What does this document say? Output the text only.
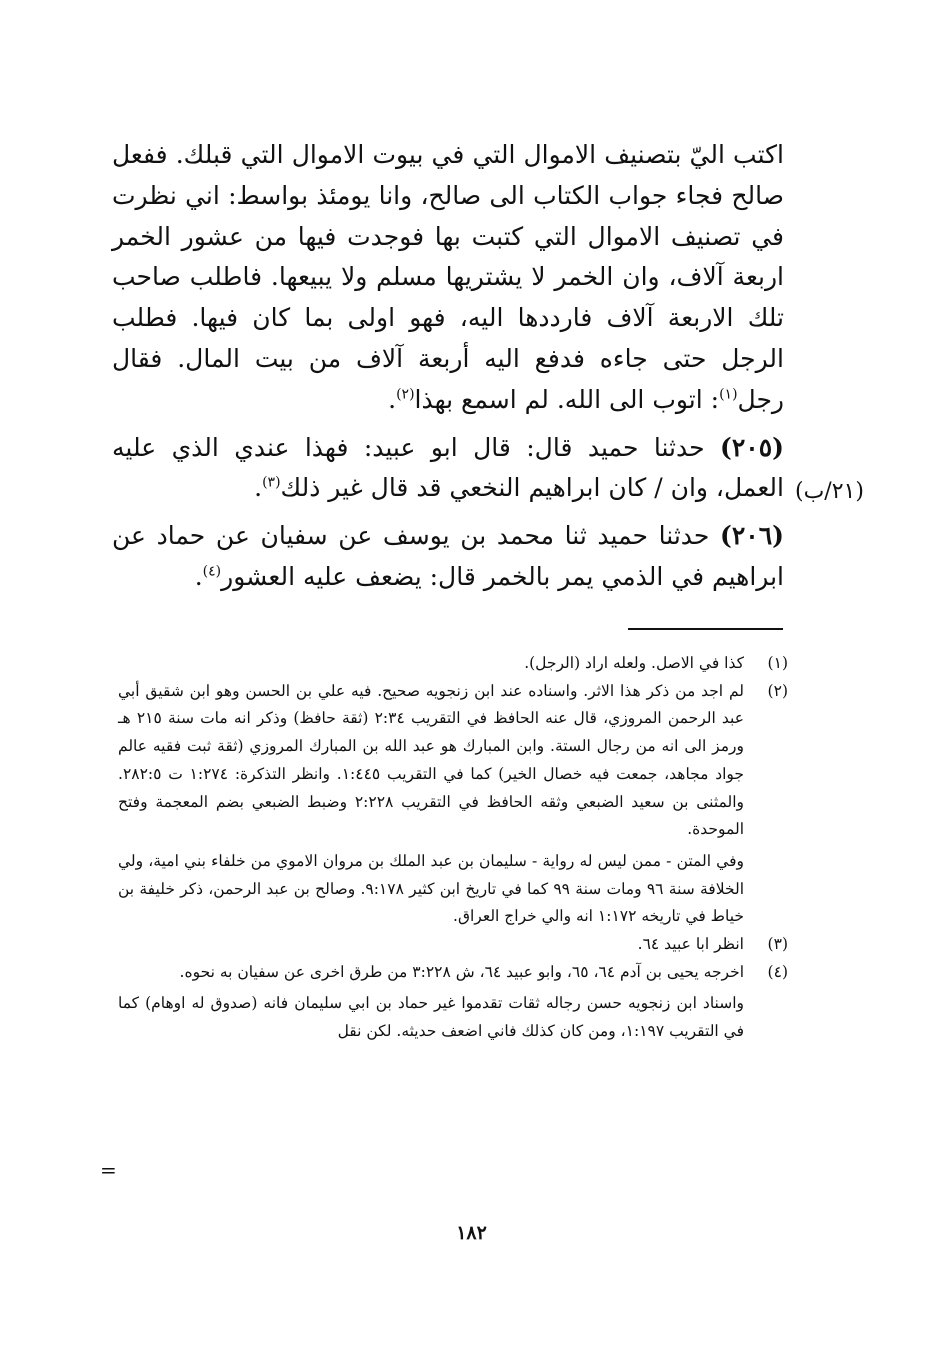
اكتب اليّ بتصنيف الاموال التي في بيوت الاموال التي قبلك. ففعل صالح فجاء جواب الكتاب الى صالح، وانا يومئذ بواسط: اني نظرت في تصنيف الاموال التي كتبت بها فوجدت فيها من عشور الخمر اربعة آلاف، وان الخمر لا يشتريها مسلم ولا يبيعها. فاطلب صاحب تلك الاربعة آلاف فارددها اليه، فهو اولى بما كان فيها. فطلب الرجل حتى جاءه فدفع اليه أربعة آلاف من بيت المال. فقال رجل$^{(١)}$: اتوب الى الله. لم اسمع بهذا$^{(٢)}$.

(٢٠٥) حدثنا حميد قال: قال ابو عبيد: فهذا عندي الذي عليه العمل، وان / كان ابراهيم النخعي قد قال غير ذلك$^{(٣)}$.

(٢٠٦) حدثنا حميد ثنا محمد بن يوسف عن سفيان عن حماد عن ابراهيم في الذمي يمر بالخمر قال: يضعف عليه العشور$^{(٤)}$.

(٢١/ب)
(١)
كذا في الاصل. ولعله اراد (الرجل).
(٢)
لم اجد من ذكر هذا الاثر. واسناده عند ابن زنجويه صحيح. فيه علي بن الحسن وهو ابن شقيق أبي عبد الرحمن المروزي، قال عنه الحافظ في التقريب ٢:٣٤ (ثقة حافظ) وذكر انه مات سنة ٢١٥ هـ ورمز الى انه من رجال الستة. وابن المبارك هو عبد الله بن المبارك المروزي (ثقة ثبت فقيه عالم جواد مجاهد، جمعت فيه خصال الخير) كما في التقريب ١:٤٤٥. وانظر التذكرة: ١:٢٧٤ ت ٢٨٢:٥. والمثنى بن سعيد الضبعي وثقه الحافظ في التقريب ٢:٢٢٨ وضبط الضبعي بضم المعجمة وفتح الموحدة.
وفي المتن - ممن ليس له رواية - سليمان بن عبد الملك بن مروان الاموي من خلفاء بني امية، ولي الخلافة سنة ٩٦ ومات سنة ٩٩ كما في تاريخ ابن كثير ٩:١٧٨. وصالح بن عبد الرحمن، ذكر خليفة بن خياط في تاريخه ١:١٧٢ انه والي خراج العراق.
(٣)
انظر ابا عبيد ٦٤.
(٤)
اخرجه يحيى بن آدم ٦٤، ٦٥، وابو عبيد ٦٤، ش ٣:٢٢٨ من طرق اخرى عن سفيان به نحوه.
واسناد ابن زنجويه حسن رجاله ثقات تقدموا غير حماد بن ابي سليمان فانه (صدوق له اوهام) كما في التقريب ١:١٩٧، ومن كان كذلك فاني اضعف حديثه. لكن نقل
=
١٨٢
